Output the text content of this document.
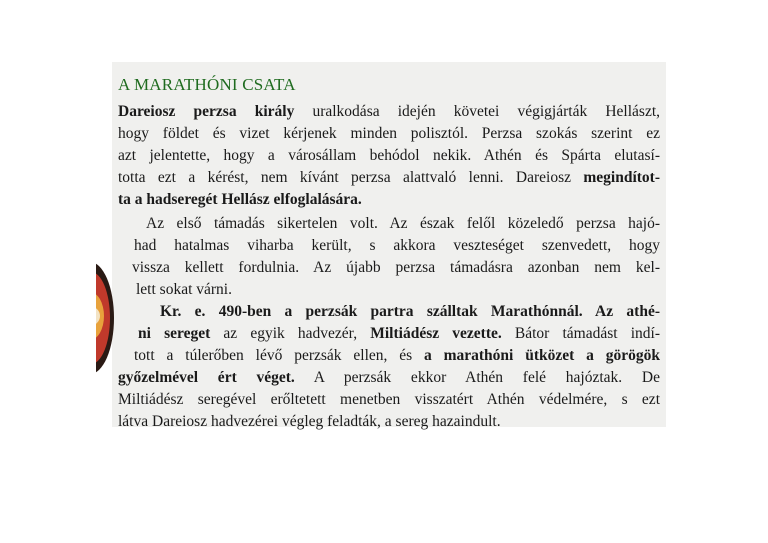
A MARATHÓNI CSATA

Dareiosz perzsa király uralkodása idején követei végigjárták Hellászt,

hogy földet és vizet kérjenek minden polisztól. Perzsa szokás szerint ez

azt jelentette, hogy a városállam behódol nekik. Athén és Spárta elutasí-

totta ezt a kérést, nem kívánt perzsa alattvaló lenni. Dareiosz megindítot-

ta a hadseregét Hellász elfoglalására.

Az első támadás sikertelen volt. Az észak felől közeledő perzsa hajó-

had hatalmas viharba került, s akkora veszteséget szenvedett, hogy

vissza kellett fordulnia. Az újabb perzsa támadásra azonban nem kel-

lett sokat várni.

Kr. e. 490-ben a perzsák partra szálltak Marathónnál. Az athé-

ni sereget az egyik hadvezér, Miltiádész vezette. Bátor támadást indí-

tott a túlerőben lévő perzsák ellen, és a marathóni ütközet a görögök

győzelmével ért véget. A perzsák ekkor Athén felé hajóztak. De

Miltiádész seregével erőltetett menetben visszatért Athén védelmére, s ezt

látva Dareiosz hadvezérei végleg feladták, a sereg hazaindult.
